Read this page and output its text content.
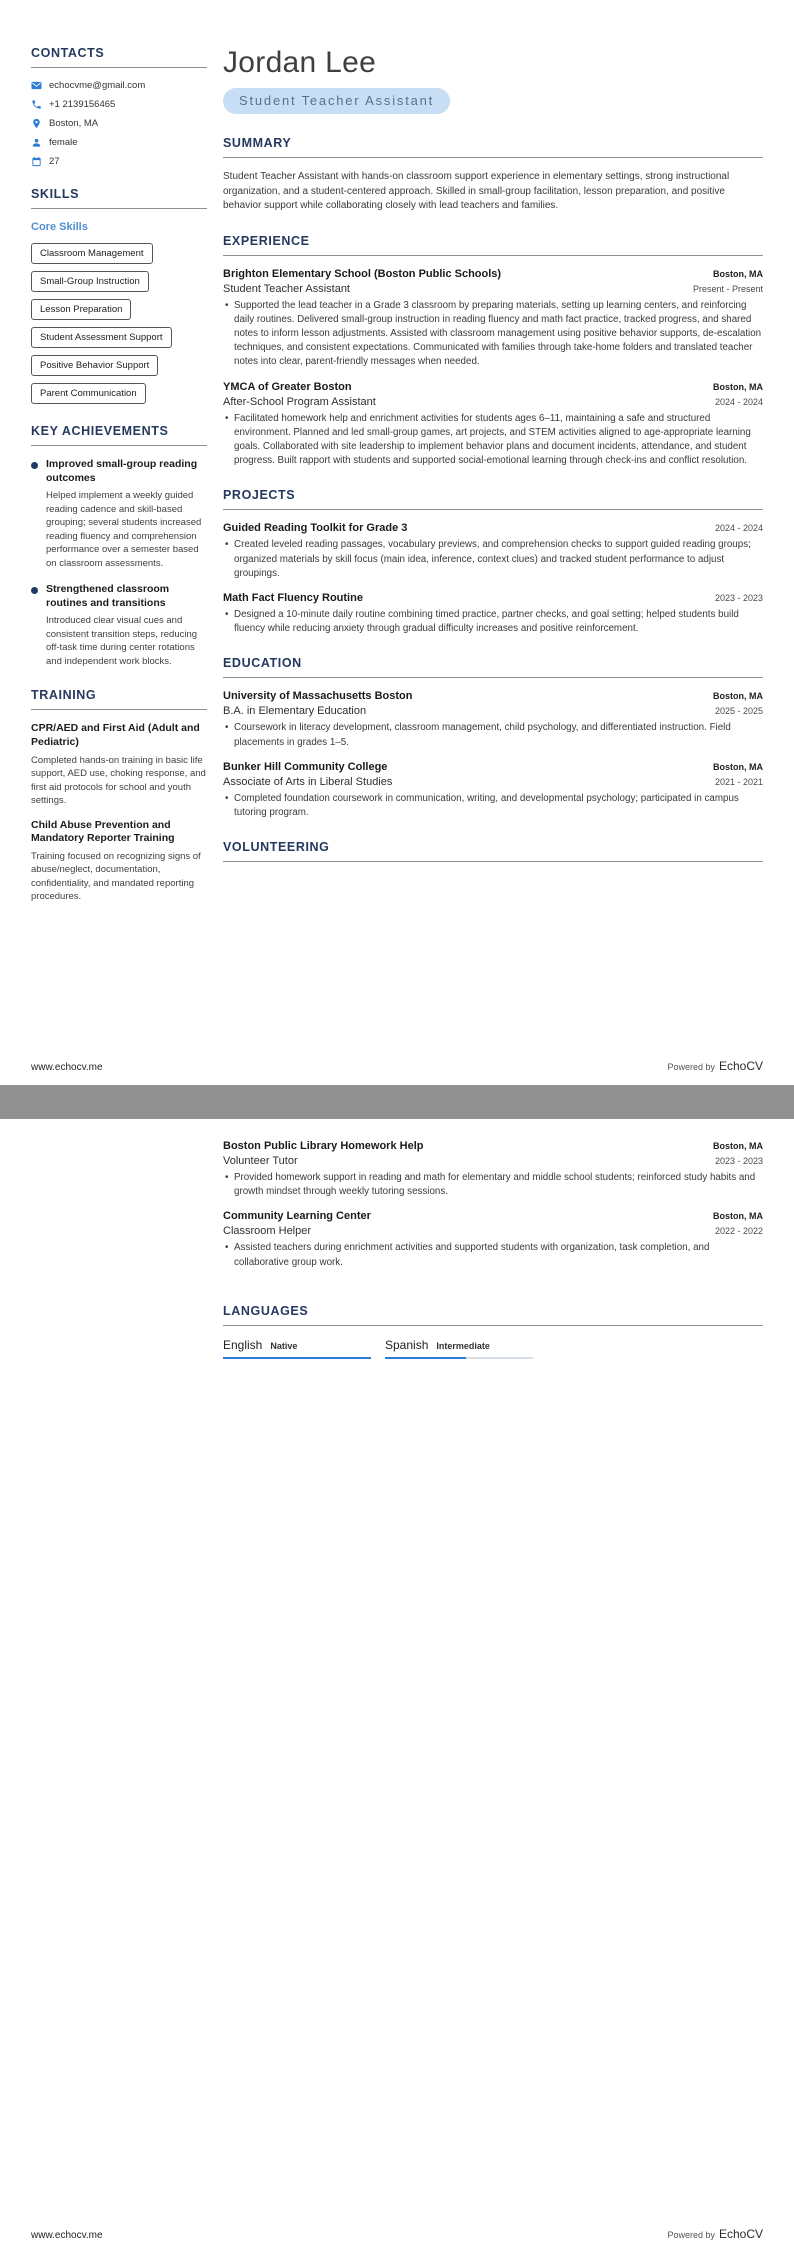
CONTACTS
echocvme@gmail.com
+1 2139156465
Boston, MA
female
27
SKILLS
Core Skills
Classroom Management
Small-Group Instruction
Lesson Preparation
Student Assessment Support
Positive Behavior Support
Parent Communication
KEY ACHIEVEMENTS
Improved small-group reading outcomes
Helped implement a weekly guided reading cadence and skill-based grouping; several students increased reading fluency and comprehension performance over a semester based on classroom assessments.
Strengthened classroom routines and transitions
Introduced clear visual cues and consistent transition steps, reducing off-task time during center rotations and independent work blocks.
TRAINING
CPR/AED and First Aid (Adult and Pediatric)
Completed hands-on training in basic life support, AED use, choking response, and first aid protocols for school and youth settings.
Child Abuse Prevention and Mandatory Reporter Training
Training focused on recognizing signs of abuse/neglect, documentation, confidentiality, and mandated reporting procedures.
Jordan Lee
Student Teacher Assistant
SUMMARY

Student Teacher Assistant with hands-on classroom support experience in elementary settings, strong instructional organization, and a student-centered approach. Skilled in small-group facilitation, lesson preparation, and positive behavior support while collaborating closely with lead teachers and families.

EXPERIENCE
Brighton Elementary School (Boston Public Schools)	Boston, MA
Student Teacher Assistant	Present - Present
• Supported the lead teacher in a Grade 3 classroom by preparing materials, setting up learning centers, and reinforcing daily routines. Delivered small-group instruction in reading fluency and math fact practice, tracked progress, and shared notes to inform lesson adjustments. Assisted with classroom management using positive behavior supports, de-escalation techniques, and consistent expectations. Communicated with families through take-home folders and translated teacher notes into clear, parent-friendly messages when needed.
YMCA of Greater Boston	Boston, MA
After-School Program Assistant	2024 - 2024
• Facilitated homework help and enrichment activities for students ages 6–11, maintaining a safe and structured environment. Planned and led small-group games, art projects, and STEM activities aligned to age-appropriate learning goals. Collaborated with site leadership to implement behavior plans and document incidents, attendance, and student progress. Built rapport with students and supported social-emotional learning through check-ins and conflict resolution.
PROJECTS
Guided Reading Toolkit for Grade 3	2024 - 2024
• Created leveled reading passages, vocabulary previews, and comprehension checks to support guided reading groups; organized materials by skill focus (main idea, inference, context clues) and tracked student performance to adjust groupings.
Math Fact Fluency Routine	2023 - 2023
• Designed a 10-minute daily routine combining timed practice, partner checks, and goal setting; helped students build fluency while reducing anxiety through gradual difficulty increases and positive reinforcement.
EDUCATION
University of Massachusetts Boston	Boston, MA
B.A. in Elementary Education	2025 - 2025
• Coursework in literacy development, classroom management, child psychology, and differentiated instruction. Field placements in grades 1–5.
Bunker Hill Community College	Boston, MA
Associate of Arts in Liberal Studies	2021 - 2021
• Completed foundation coursework in communication, writing, and developmental psychology; participated in campus tutoring program.
VOLUNTEERING
www.echocv.me	Powered by EchoCV
Boston Public Library Homework Help	Boston, MA
Volunteer Tutor	2023 - 2023
• Provided homework support in reading and math for elementary and middle school students; reinforced study habits and growth mindset through weekly tutoring sessions.
Community Learning Center	Boston, MA
Classroom Helper	2022 - 2022
• Assisted teachers during enrichment activities and supported students with organization, task completion, and collaborative group work.
LANGUAGES
English Native	Spanish Intermediate
www.echocv.me	Powered by EchoCV
